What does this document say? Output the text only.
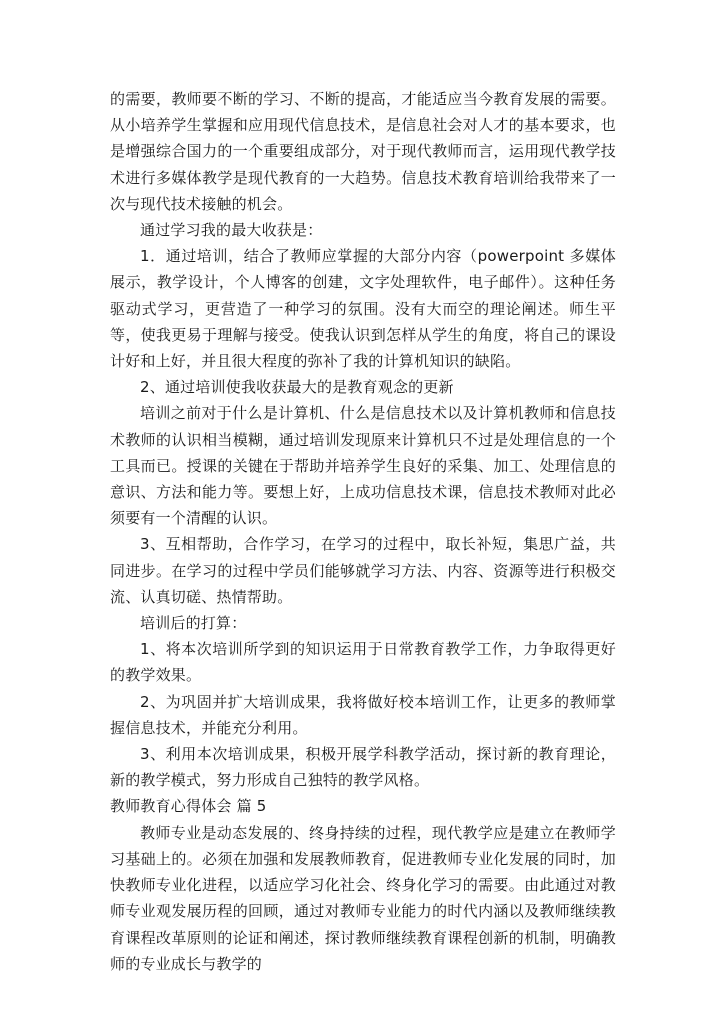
的需要，教师要不断的学习、不断的提高，才能适应当今教育发展的需要。从小培养学生掌握和应用现代信息技术，是信息社会对人才的基本要求，也是增强综合国力的一个重要组成部分，对于现代教师而言，运用现代教学技术进行多媒体教学是现代教育的一大趋势。信息技术教育培训给我带来了一次与现代技术接触的机会。

通过学习我的最大收获是：

1．通过培训，结合了教师应掌握的大部分内容（powerpoint 多媒体展示，教学设计，个人博客的创建，文字处理软件，电子邮件）。这种任务驱动式学习，更营造了一种学习的氛围。没有大而空的理论阐述。师生平等，使我更易于理解与接受。使我认识到怎样从学生的角度，将自己的课设计好和上好，并且很大程度的弥补了我的计算机知识的缺陷。

2、通过培训使我收获最大的是教育观念的更新

培训之前对于什么是计算机、什么是信息技术以及计算机教师和信息技术教师的认识相当模糊，通过培训发现原来计算机只不过是处理信息的一个工具而已。授课的关键在于帮助并培养学生良好的采集、加工、处理信息的意识、方法和能力等。要想上好，上成功信息技术课，信息技术教师对此必须要有一个清醒的认识。

3、互相帮助，合作学习，在学习的过程中，取长补短，集思广益，共同进步。在学习的过程中学员们能够就学习方法、内容、资源等进行积极交流、认真切磋、热情帮助。

培训后的打算：

1、将本次培训所学到的知识运用于日常教育教学工作，力争取得更好的教学效果。

2、为巩固并扩大培训成果，我将做好校本培训工作，让更多的教师掌握信息技术，并能充分利用。

3、利用本次培训成果，积极开展学科教学活动，探讨新的教育理论，新的教学模式，努力形成自己独特的教学风格。

教师教育心得体会 篇 5

教师专业是动态发展的、终身持续的过程，现代教学应是建立在教师学习基础上的。必须在加强和发展教师教育，促进教师专业化发展的同时，加快教师专业化进程，以适应学习化社会、终身化学习的需要。由此通过对教师专业观发展历程的回顾，通过对教师专业能力的时代内涵以及教师继续教育课程改革原则的论证和阐述，探讨教师继续教育课程创新的机制，明确教师的专业成长与教学的
